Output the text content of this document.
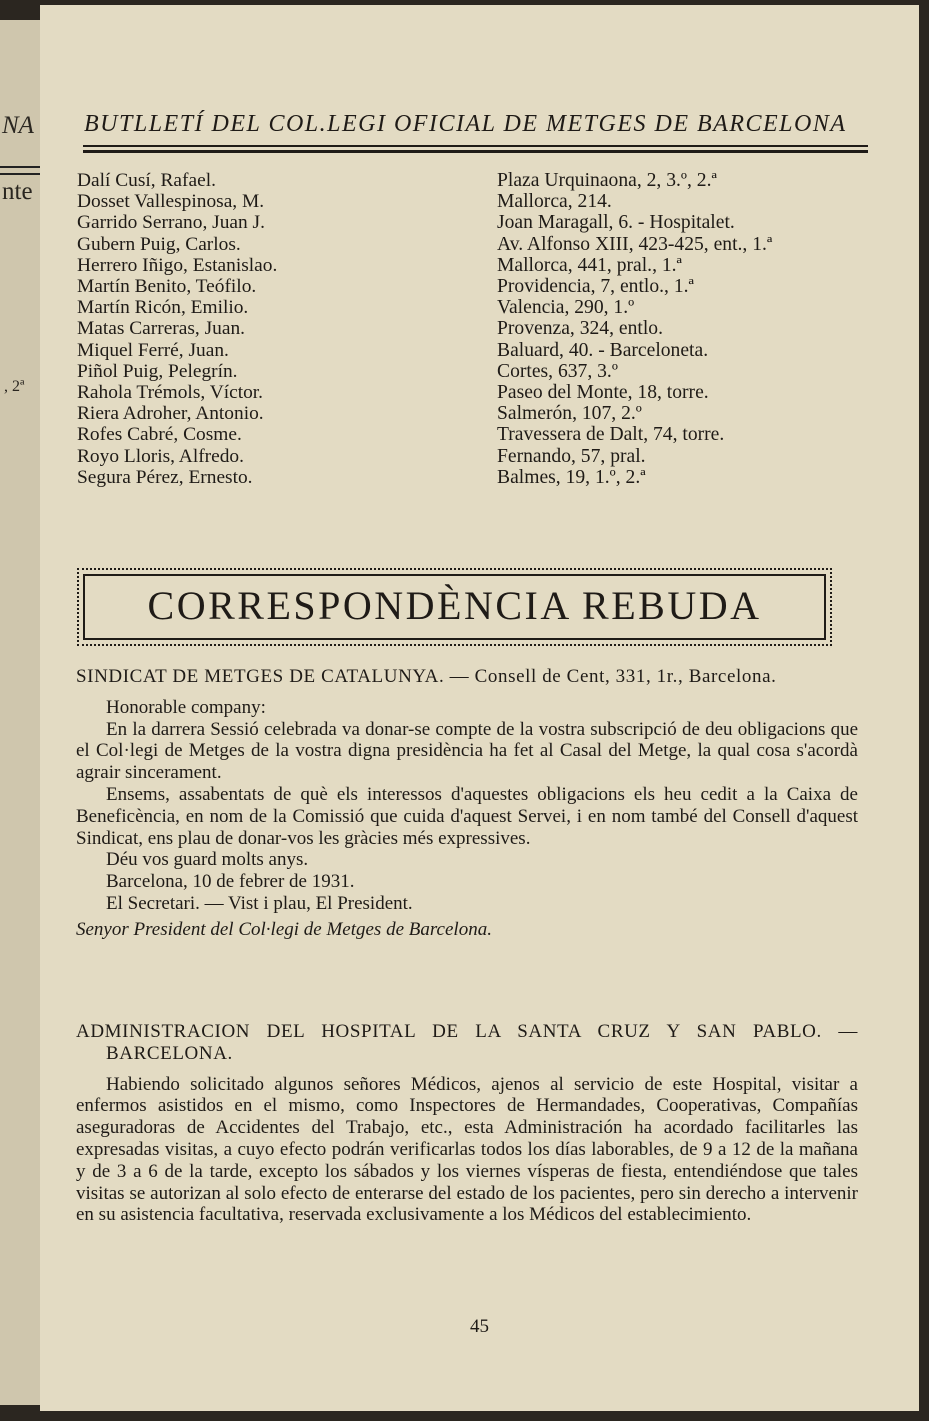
NA
nte
, 2ª
BUTLLETÍ DEL COL.LEGI OFICIAL DE METGES DE BARCELONA
Dalí Cusí, Rafael.
Dosset Vallespinosa, M.
Garrido Serrano, Juan J.
Gubern Puig, Carlos.
Herrero Iñigo, Estanislao.
Martín Benito, Teófilo.
Martín Ricón, Emilio.
Matas Carreras, Juan.
Miquel Ferré, Juan.
Piñol Puig, Pelegrín.
Rahola Trémols, Víctor.
Riera Adroher, Antonio.
Rofes Cabré, Cosme.
Royo Lloris, Alfredo.
Segura Pérez, Ernesto.
Plaza Urquinaona, 2, 3.º, 2.ª
Mallorca, 214.
Joan Maragall, 6. - Hospitalet.
Av. Alfonso XIII, 423-425, ent., 1.ª
Mallorca, 441, pral., 1.ª
Providencia, 7, entlo., 1.ª
Valencia, 290, 1.º
Provenza, 324, entlo.
Baluard, 40. - Barceloneta.
Cortes, 637, 3.º
Paseo del Monte, 18, torre.
Salmerón, 107, 2.º
Travessera de Dalt, 74, torre.
Fernando, 57, pral.
Balmes, 19, 1.º, 2.ª
CORRESPONDÈNCIA REBUDA

SINDICAT DE METGES DE CATALUNYA. — Consell de Cent, 331, 1r., Barcelona.

Honorable company:

En la darrera Sessió celebrada va donar-se compte de la vostra subscripció de deu obligacions que el Col·legi de Metges de la vostra digna presidència ha fet al Casal del Metge, la qual cosa s'acordà agrair sincerament.

Ensems, assabentats de què els interessos d'aquestes obligacions els heu cedit a la Caixa de Beneficència, en nom de la Comissió que cuida d'aquest Servei, i en nom també del Consell d'aquest Sindicat, ens plau de donar-vos les gràcies més expressives.

Déu vos guard molts anys.

Barcelona, 10 de febrer de 1931.

El Secretari. — Vist i plau, El President.

Senyor President del Col·legi de Metges de Barcelona.

ADMINISTRACION DEL HOSPITAL DE LA SANTA CRUZ Y SAN PABLO. — BARCELONA.

Habiendo solicitado algunos señores Médicos, ajenos al servicio de este Hospital, visitar a enfermos asistidos en el mismo, como Inspectores de Hermandades, Cooperativas, Compañías aseguradoras de Accidentes del Trabajo, etc., esta Administración ha acordado facilitarles las expresadas visitas, a cuyo efecto podrán verificarlas todos los días laborables, de 9 a 12 de la mañana y de 3 a 6 de la tarde, excepto los sábados y los viernes vísperas de fiesta, entendiéndose que tales visitas se autorizan al solo efecto de enterarse del estado de los pacientes, pero sin derecho a intervenir en su asistencia facultativa, reservada exclusivamente a los Médicos del establecimiento.

45
